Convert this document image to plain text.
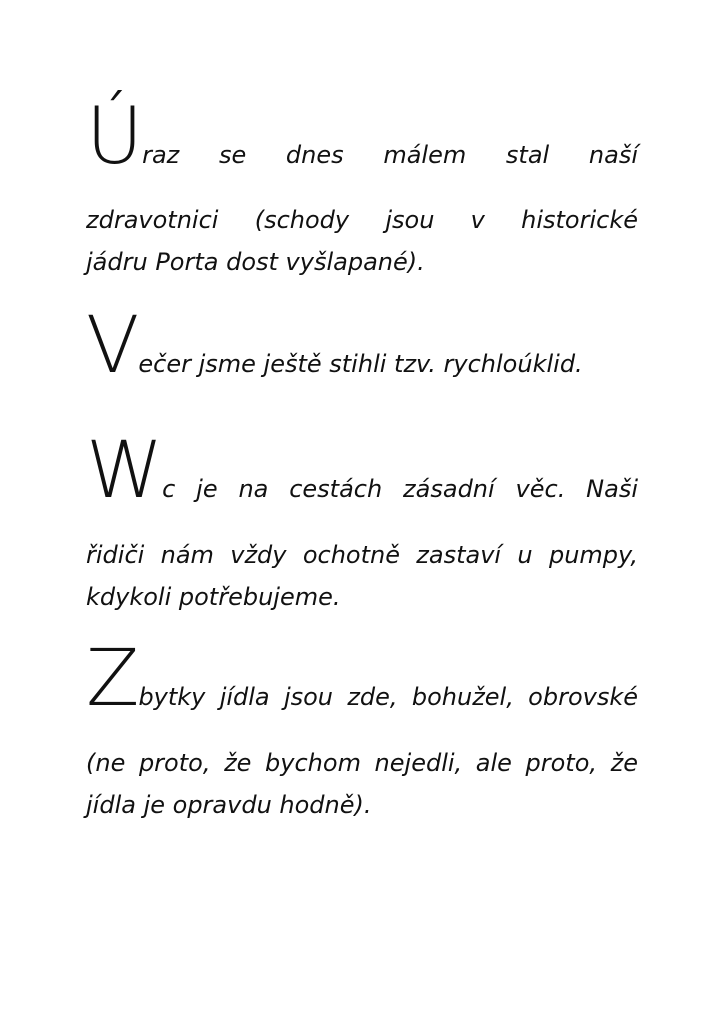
Úraz se dnes málem stal naší
zdravotnici (schody jsou v historické
jádru Porta dost vyšlapané).
Večer jsme ještě stihli tzv. rychloúklid.
Wc je na cestách zásadní věc. Naši
řidiči nám vždy ochotně zastaví u pumpy,
kdykoli potřebujeme.
Zbytky jídla jsou zde, bohužel, obrovské
(ne proto, že bychom nejedli, ale proto, že
jídla je opravdu hodně).
